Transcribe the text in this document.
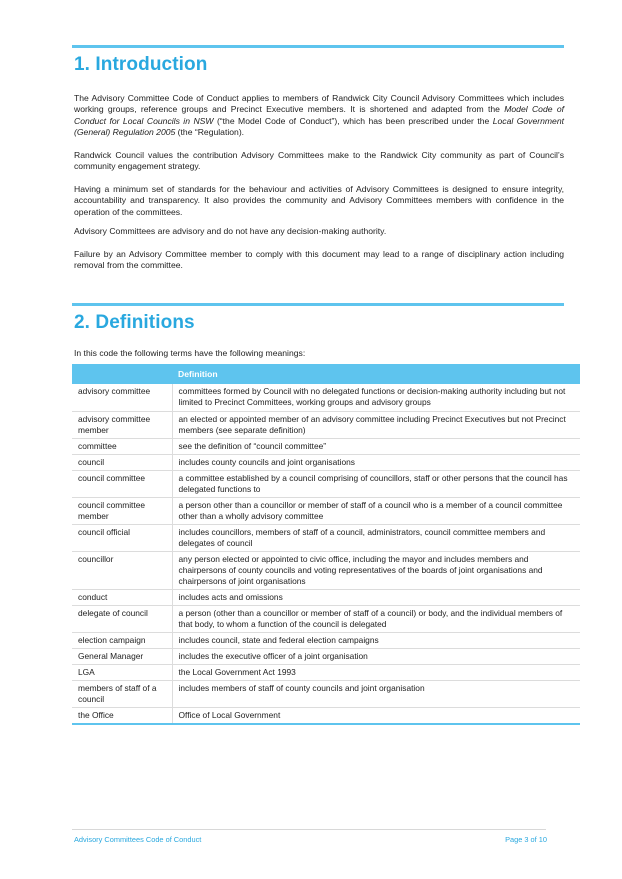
1. Introduction

The Advisory Committee Code of Conduct applies to members of Randwick City Council Advisory Committees which includes working groups, reference groups and Precinct Executive members. It is shortened and adapted from the Model Code of Conduct for Local Councils in NSW (“the Model Code of Conduct”), which has been prescribed under the Local Government (General) Regulation 2005 (the “Regulation).

Randwick Council values the contribution Advisory Committees make to the Randwick City community as part of Council’s community engagement strategy.

Having a minimum set of standards for the behaviour and activities of Advisory Committees is designed to ensure integrity, accountability and transparency. It also provides the community and Advisory Committees members with confidence in the operation of the committees.

Advisory Committees are advisory and do not have any decision-making authority.

Failure by an Advisory Committee member to comply with this document may lead to a range of disciplinary action including removal from the committee.

2. Definitions

In this code the following terms have the following meanings:

	Definition
advisory committee	committees formed by Council with no delegated functions or decision-making authority including but not limited to Precinct Committees, working groups and advisory groups
advisory committee member	an elected or appointed member of an advisory committee including Precinct Executives but not Precinct members (see separate definition)
committee	see the definition of “council committee”
council	includes county councils and joint organisations
council committee	a committee established by a council comprising of councillors, staff or other persons that the council has delegated functions to
council committee member	a person other than a councillor or member of staff of a council who is a member of a council committee other than a wholly advisory committee
council official	includes councillors, members of staff of a council, administrators, council committee members and delegates of council
councillor	any person elected or appointed to civic office, including the mayor and includes members and chairpersons of county councils and voting representatives of the boards of joint organisations and chairpersons of joint organisations
conduct	includes acts and omissions
delegate of council	a person (other than a councillor or member of staff of a council) or body, and the individual members of that body, to whom a function of the council is delegated
election campaign	includes council, state and federal election campaigns
General Manager	includes the executive officer of a joint organisation
LGA	the Local Government Act 1993
members of staff of a council	includes members of staff of county councils and joint organisation
the Office	Office of Local Government

Advisory Committees Code of Conduct	Page 3 of 10
